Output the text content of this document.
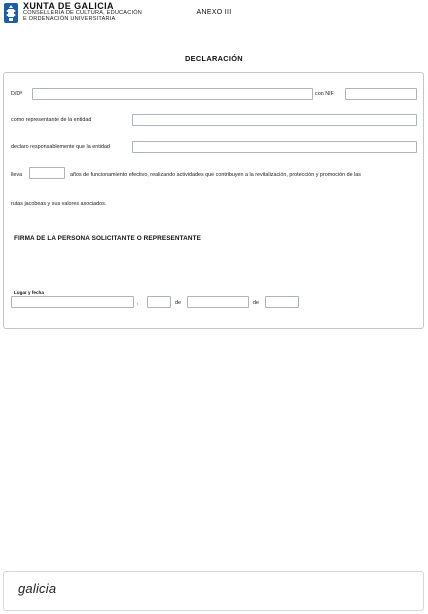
XUNTA DE GALICIA
CONSELLERÍA DE CULTURA, EDUCACIÓN
E ORDENACIÓN UNIVERSITARIA
ANEXO III
DECLARACIÓN
D/Dª	con NIF
como representante de la entidad
declaro responsablemente que la entidad
lleva	años de funcionamiento efectivo, realizando actividades que contribuyen a la revitalización, protección y promoción de las
rutas jacobeas y sus valores asociados.
FIRMA DE LA PERSONA SOLICITANTE O REPRESENTANTE
Lugar y fecha
,	de	de
galicia
